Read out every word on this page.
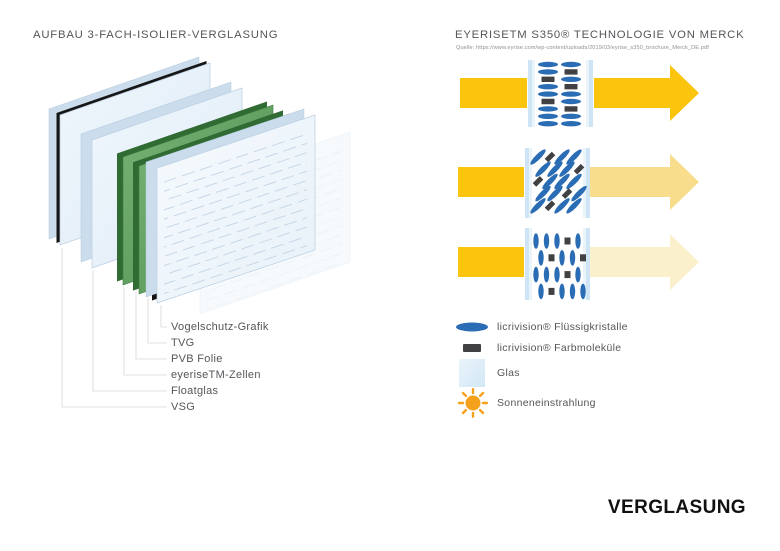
AUFBAU 3-FACH-ISOLIER-VERGLASUNG	EYERISETM S350® TECHNOLOGIE VON MERCK
Quelle: https://www.eyrise.com/wp-content/uploads/2019/03/eyrise_s350_brochure_Merck_DE.pdf
Vogelschutz-Grafik
TVG
PVB Folie
eyeriseTM-Zellen
Floatglas
VSG
licrivision® Flüssigkristalle
licrivision® Farbmoleküle
Glas
Sonneneinstrahlung
VERGLASUNG
